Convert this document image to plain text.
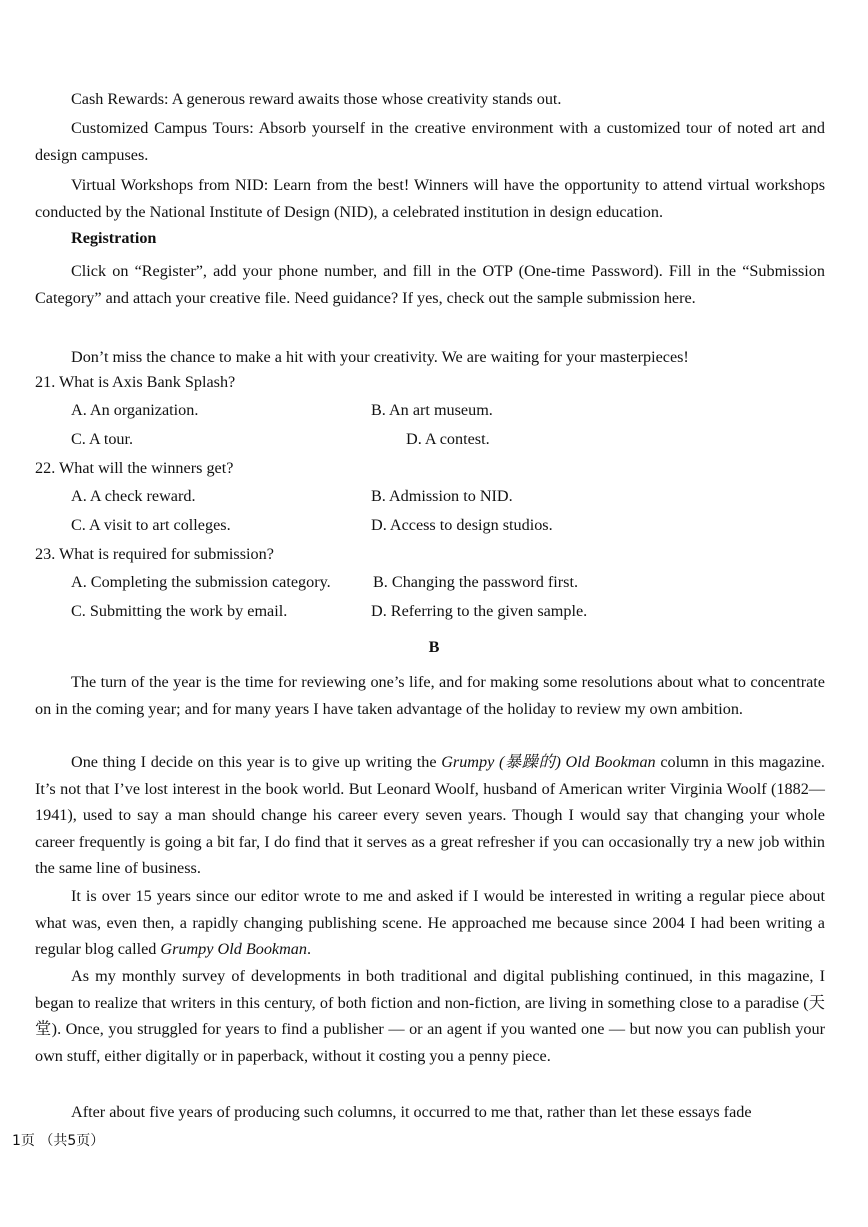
Cash Rewards: A generous reward awaits those whose creativity stands out.

Customized Campus Tours: Absorb yourself in the creative environment with a customized tour of noted art and design campuses.

Virtual Workshops from NID: Learn from the best! Winners will have the opportunity to attend virtual workshops conducted by the National Institute of Design (NID), a celebrated institution in design education.

Registration

Click on “Register”, add your phone number, and fill in the OTP (One-time Password). Fill in the “Submission Category” and attach your creative file. Need guidance? If yes, check out the sample submission here.

Don’t miss the chance to make a hit with your creativity. We are waiting for your masterpieces!

21. What is Axis Bank Splash?

A. An organization.	B. An art museum.

C. A tour.	D. A contest.

22. What will the winners get?

A. A check reward.	B. Admission to NID.

C. A visit to art colleges.	D. Access to design studios.

23. What is required for submission?

A. Completing the submission category.	B. Changing the password first.

C. Submitting the work by email.	D. Referring to the given sample.

B

The turn of the year is the time for reviewing one’s life, and for making some resolutions about what to concentrate on in the coming year; and for many years I have taken advantage of the holiday to review my own ambition.

One thing I decide on this year is to give up writing the Grumpy (暴躁的) Old Bookman column in this magazine. It’s not that I’ve lost interest in the book world. But Leonard Woolf, husband of American writer Virginia Woolf (1882—1941), used to say a man should change his career every seven years. Though I would say that changing your whole career frequently is going a bit far, I do find that it serves as a great refresher if you can occasionally try a new job within the same line of business.

It is over 15 years since our editor wrote to me and asked if I would be interested in writing a regular piece about what was, even then, a rapidly changing publishing scene. He approached me because since 2004 I had been writing a regular blog called Grumpy Old Bookman.

As my monthly survey of developments in both traditional and digital publishing continued, in this magazine, I began to realize that writers in this century, of both fiction and non-fiction, are living in something close to a paradise (天堂). Once, you struggled for years to find a publisher — or an agent if you wanted one — but now you can publish your own stuff, either digitally or in paperback, without it costing you a penny piece.

After about five years of producing such columns, it occurred to me that, rather than let these essays fade

1页 （共5页）
